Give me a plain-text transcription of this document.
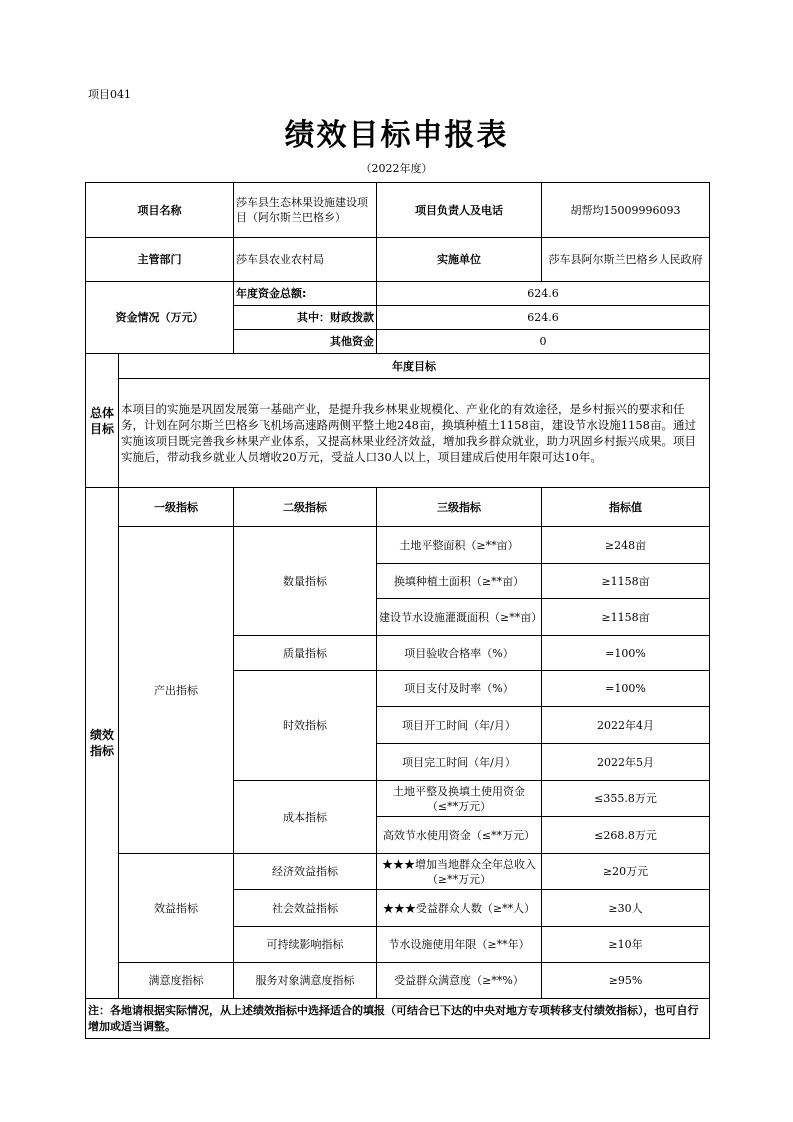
项目041
绩效目标申报表
（2022年度）
项目名称		莎车县生态林果设施建设项目（阿尔斯兰巴格乡）	项目负责人及电话	胡帮均15009996093
主管部门		莎车县农业农村局	实施单位	莎车县阿尔斯兰巴格乡人民政府
资金情况（万元）		年度资金总额:	624.6	
		其中：财政拨款	624.6	
		其他资金	0	
总体目标	年度目标			
	本项目的实施是巩固发展第一基础产业，是提升我乡林果业规模化、产业化的有效途径，是乡村振兴的要求和任务，计划在阿尔斯兰巴格乡飞机场高速路两侧平整土地248亩，换填种植土1158亩，建设节水设施1158亩。通过实施该项目既完善我乡林果产业体系，又提高林果业经济效益，增加我乡群众就业，助力巩固乡村振兴成果。项目实施后，带动我乡就业人员增收20万元，受益人口30人以上，项目建成后使用年限可达10年。			
绩效指标	一级指标	二级指标	三级指标	指标值
	产出指标	数量指标	土地平整面积（≥**亩）	≥248亩
			换填种植土面积（≥**亩）	≥1158亩
			建设节水设施灌溉面积（≥**亩）	≥1158亩
		质量指标	项目验收合格率（%）	=100%
		时效指标	项目支付及时率（%）	=100%
			项目开工时间（年/月）	2022年4月
			项目完工时间（年/月）	2022年5月
		成本指标	土地平整及换填土使用资金（≤**万元）	≤355.8万元
			高效节水使用资金（≤**万元）	≤268.8万元
	效益指标	经济效益指标	★★★增加当地群众全年总收入（≥**万元）	≥20万元
		社会效益指标	★★★受益群众人数（≥**人）	≥30人
		可持续影响指标	节水设施使用年限（≥**年）	≥10年
	满意度指标	服务对象满意度指标	受益群众满意度（≥**%）	≥95%
注：各地请根据实际情况，从上述绩效指标中选择适合的填报（可结合已下达的中央对地方专项转移支付绩效指标），也可自行增加或适当调整。				
